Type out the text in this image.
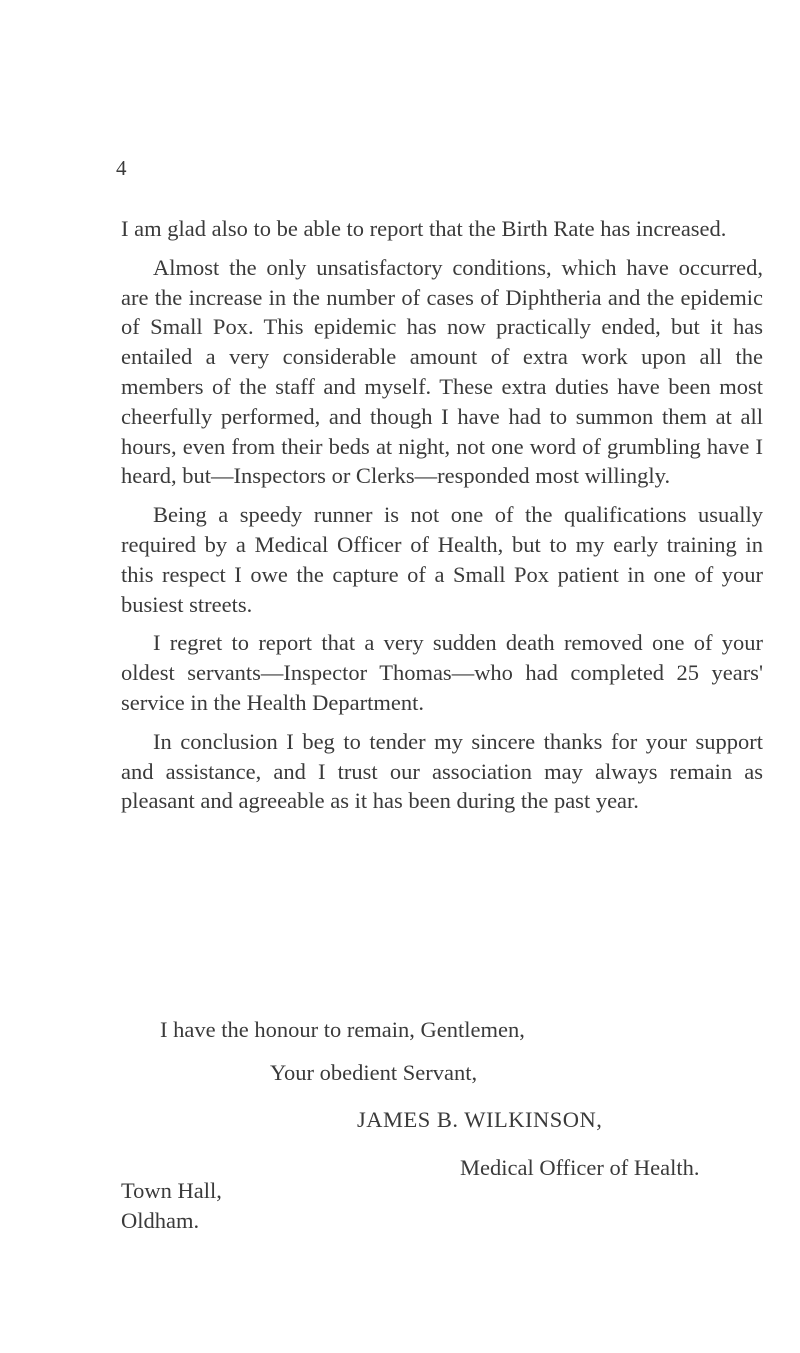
4

I am glad also to be able to report that the Birth Rate has increased.

Almost the only unsatisfactory conditions, which have occurred, are the increase in the number of cases of Diphtheria and the epidemic of Small Pox. This epidemic has now practically ended, but it has entailed a very considerable amount of extra work upon all the members of the staff and myself. These extra duties have been most cheerfully performed, and though I have had to summon them at all hours, even from their beds at night, not one word of grumbling have I heard, but—Inspectors or Clerks—responded most willingly.

Being a speedy runner is not one of the qualifications usually required by a Medical Officer of Health, but to my early training in this respect I owe the capture of a Small Pox patient in one of your busiest streets.

I regret to report that a very sudden death removed one of your oldest servants—Inspector Thomas—who had completed 25 years' service in the Health Department.

In conclusion I beg to tender my sincere thanks for your support and assistance, and I trust our association may always remain as pleasant and agreeable as it has been during the past year.

I have the honour to remain, Gentlemen,
Your obedient Servant,
JAMES B. WILKINSON,
Medical Officer of Health.
Town Hall,
Oldham.
